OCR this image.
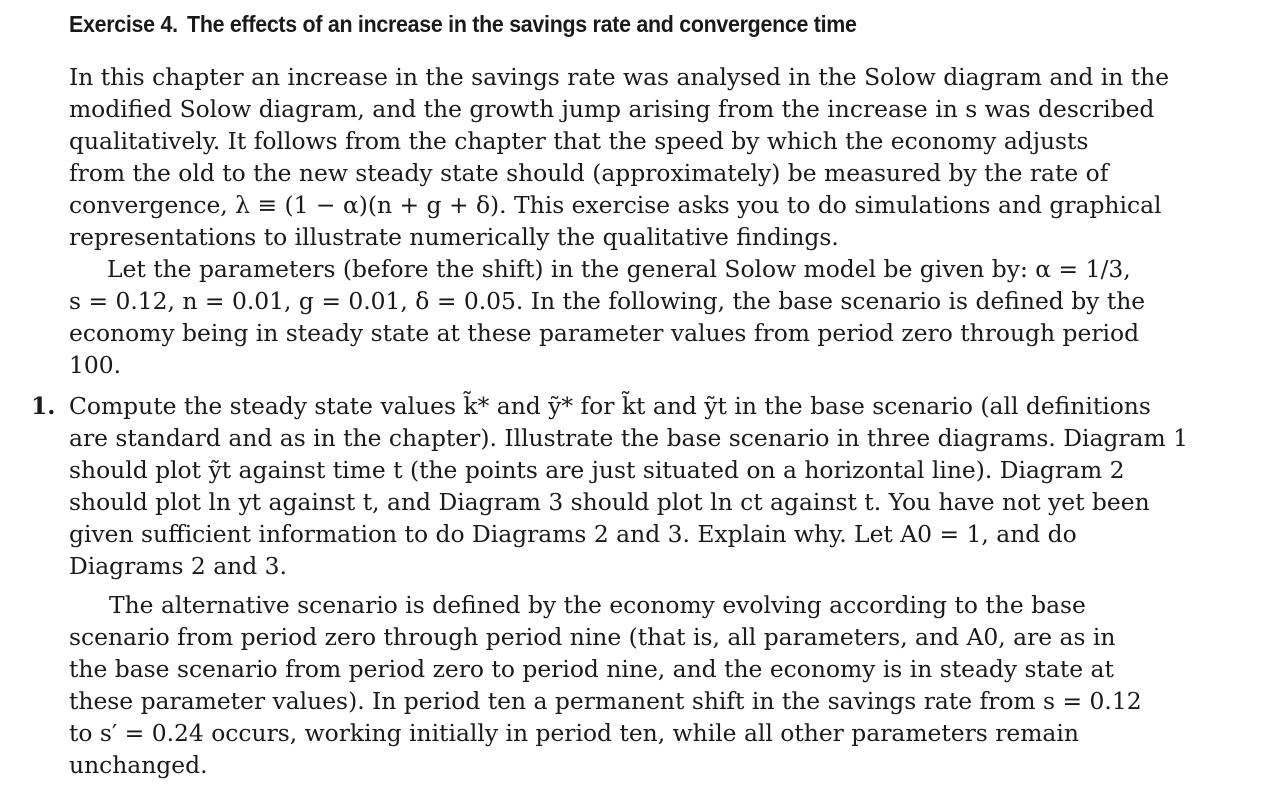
Exercise 4. The effects of an increase in the savings rate and convergence time
In this chapter an increase in the savings rate was analysed in the Solow diagram and in the
modified Solow diagram, and the growth jump arising from the increase in s was described
qualitatively. It follows from the chapter that the speed by which the economy adjusts
from the old to the new steady state should (approximately) be measured by the rate of
convergence, λ ≡ (1 − α)(n + g + δ). This exercise asks you to do simulations and graphical
representations to illustrate numerically the qualitative findings.
Let the parameters (before the shift) in the general Solow model be given by: α = 1/3,
s = 0.12, n = 0.01, g = 0.01, δ = 0.05. In the following, the base scenario is defined by the
economy being in steady state at these parameter values from period zero through period
100.
1. Compute the steady state values k̃* and ỹ* for k̃t and ỹt in the base scenario (all definitions
are standard and as in the chapter). Illustrate the base scenario in three diagrams. Diagram 1
should plot ỹt against time t (the points are just situated on a horizontal line). Diagram 2
should plot ln yt against t, and Diagram 3 should plot ln ct against t. You have not yet been
given sufficient information to do Diagrams 2 and 3. Explain why. Let A0 = 1, and do
Diagrams 2 and 3.
The alternative scenario is defined by the economy evolving according to the base
scenario from period zero through period nine (that is, all parameters, and A0, are as in
the base scenario from period zero to period nine, and the economy is in steady state at
these parameter values). In period ten a permanent shift in the savings rate from s = 0.12
to s′ = 0.24 occurs, working initially in period ten, while all other parameters remain
unchanged.
